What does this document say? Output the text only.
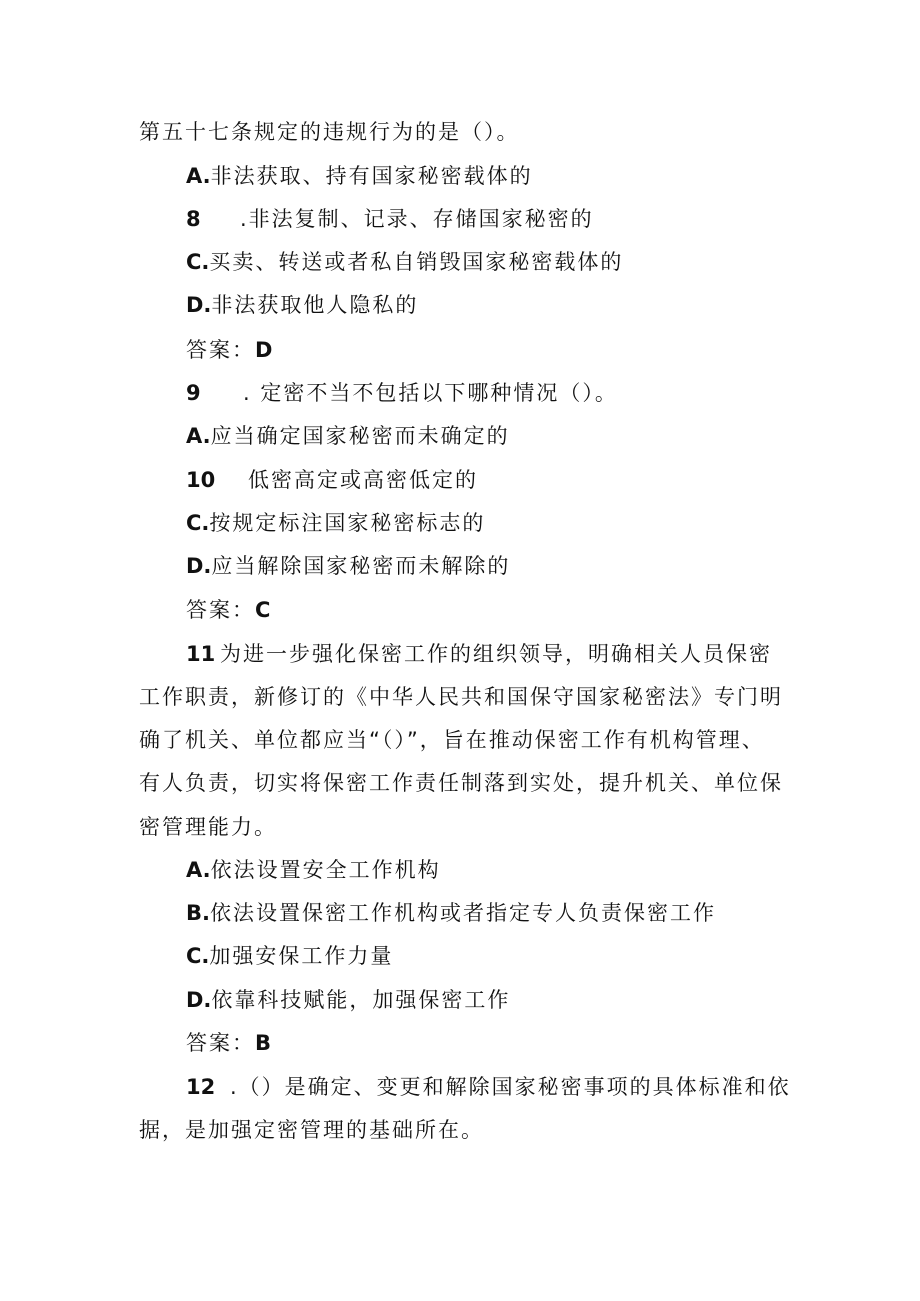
第五十七条规定的违规行为的是（）。
A.非法获取、持有国家秘密载体的
8 .非法复制、记录、存储国家秘密的
C.买卖、转送或者私自销毁国家秘密载体的
D.非法获取他人隐私的
答案：D
9 . 定密不当不包括以下哪种情况（）。
A.应当确定国家秘密而未确定的
10 低密高定或高密低定的
C.按规定标注国家秘密标志的
D.应当解除国家秘密而未解除的
答案：C
11 为进一步强化保密工作的组织领导，明确相关人员保密
工作职责，新修订的《中华人民共和国保守国家秘密法》专门明
确了机关、单位都应当“（）”，旨在推动保密工作有机构管理、
有人负责，切实将保密工作责任制落到实处，提升机关、单位保
密管理能力。
A.依法设置安全工作机构
B.依法设置保密工作机构或者指定专人负责保密工作
C.加强安保工作力量
D.依靠科技赋能，加强保密工作
答案：B
12 .（）是确定、变更和解除国家秘密事项的具体标准和依
据，是加强定密管理的基础所在。
